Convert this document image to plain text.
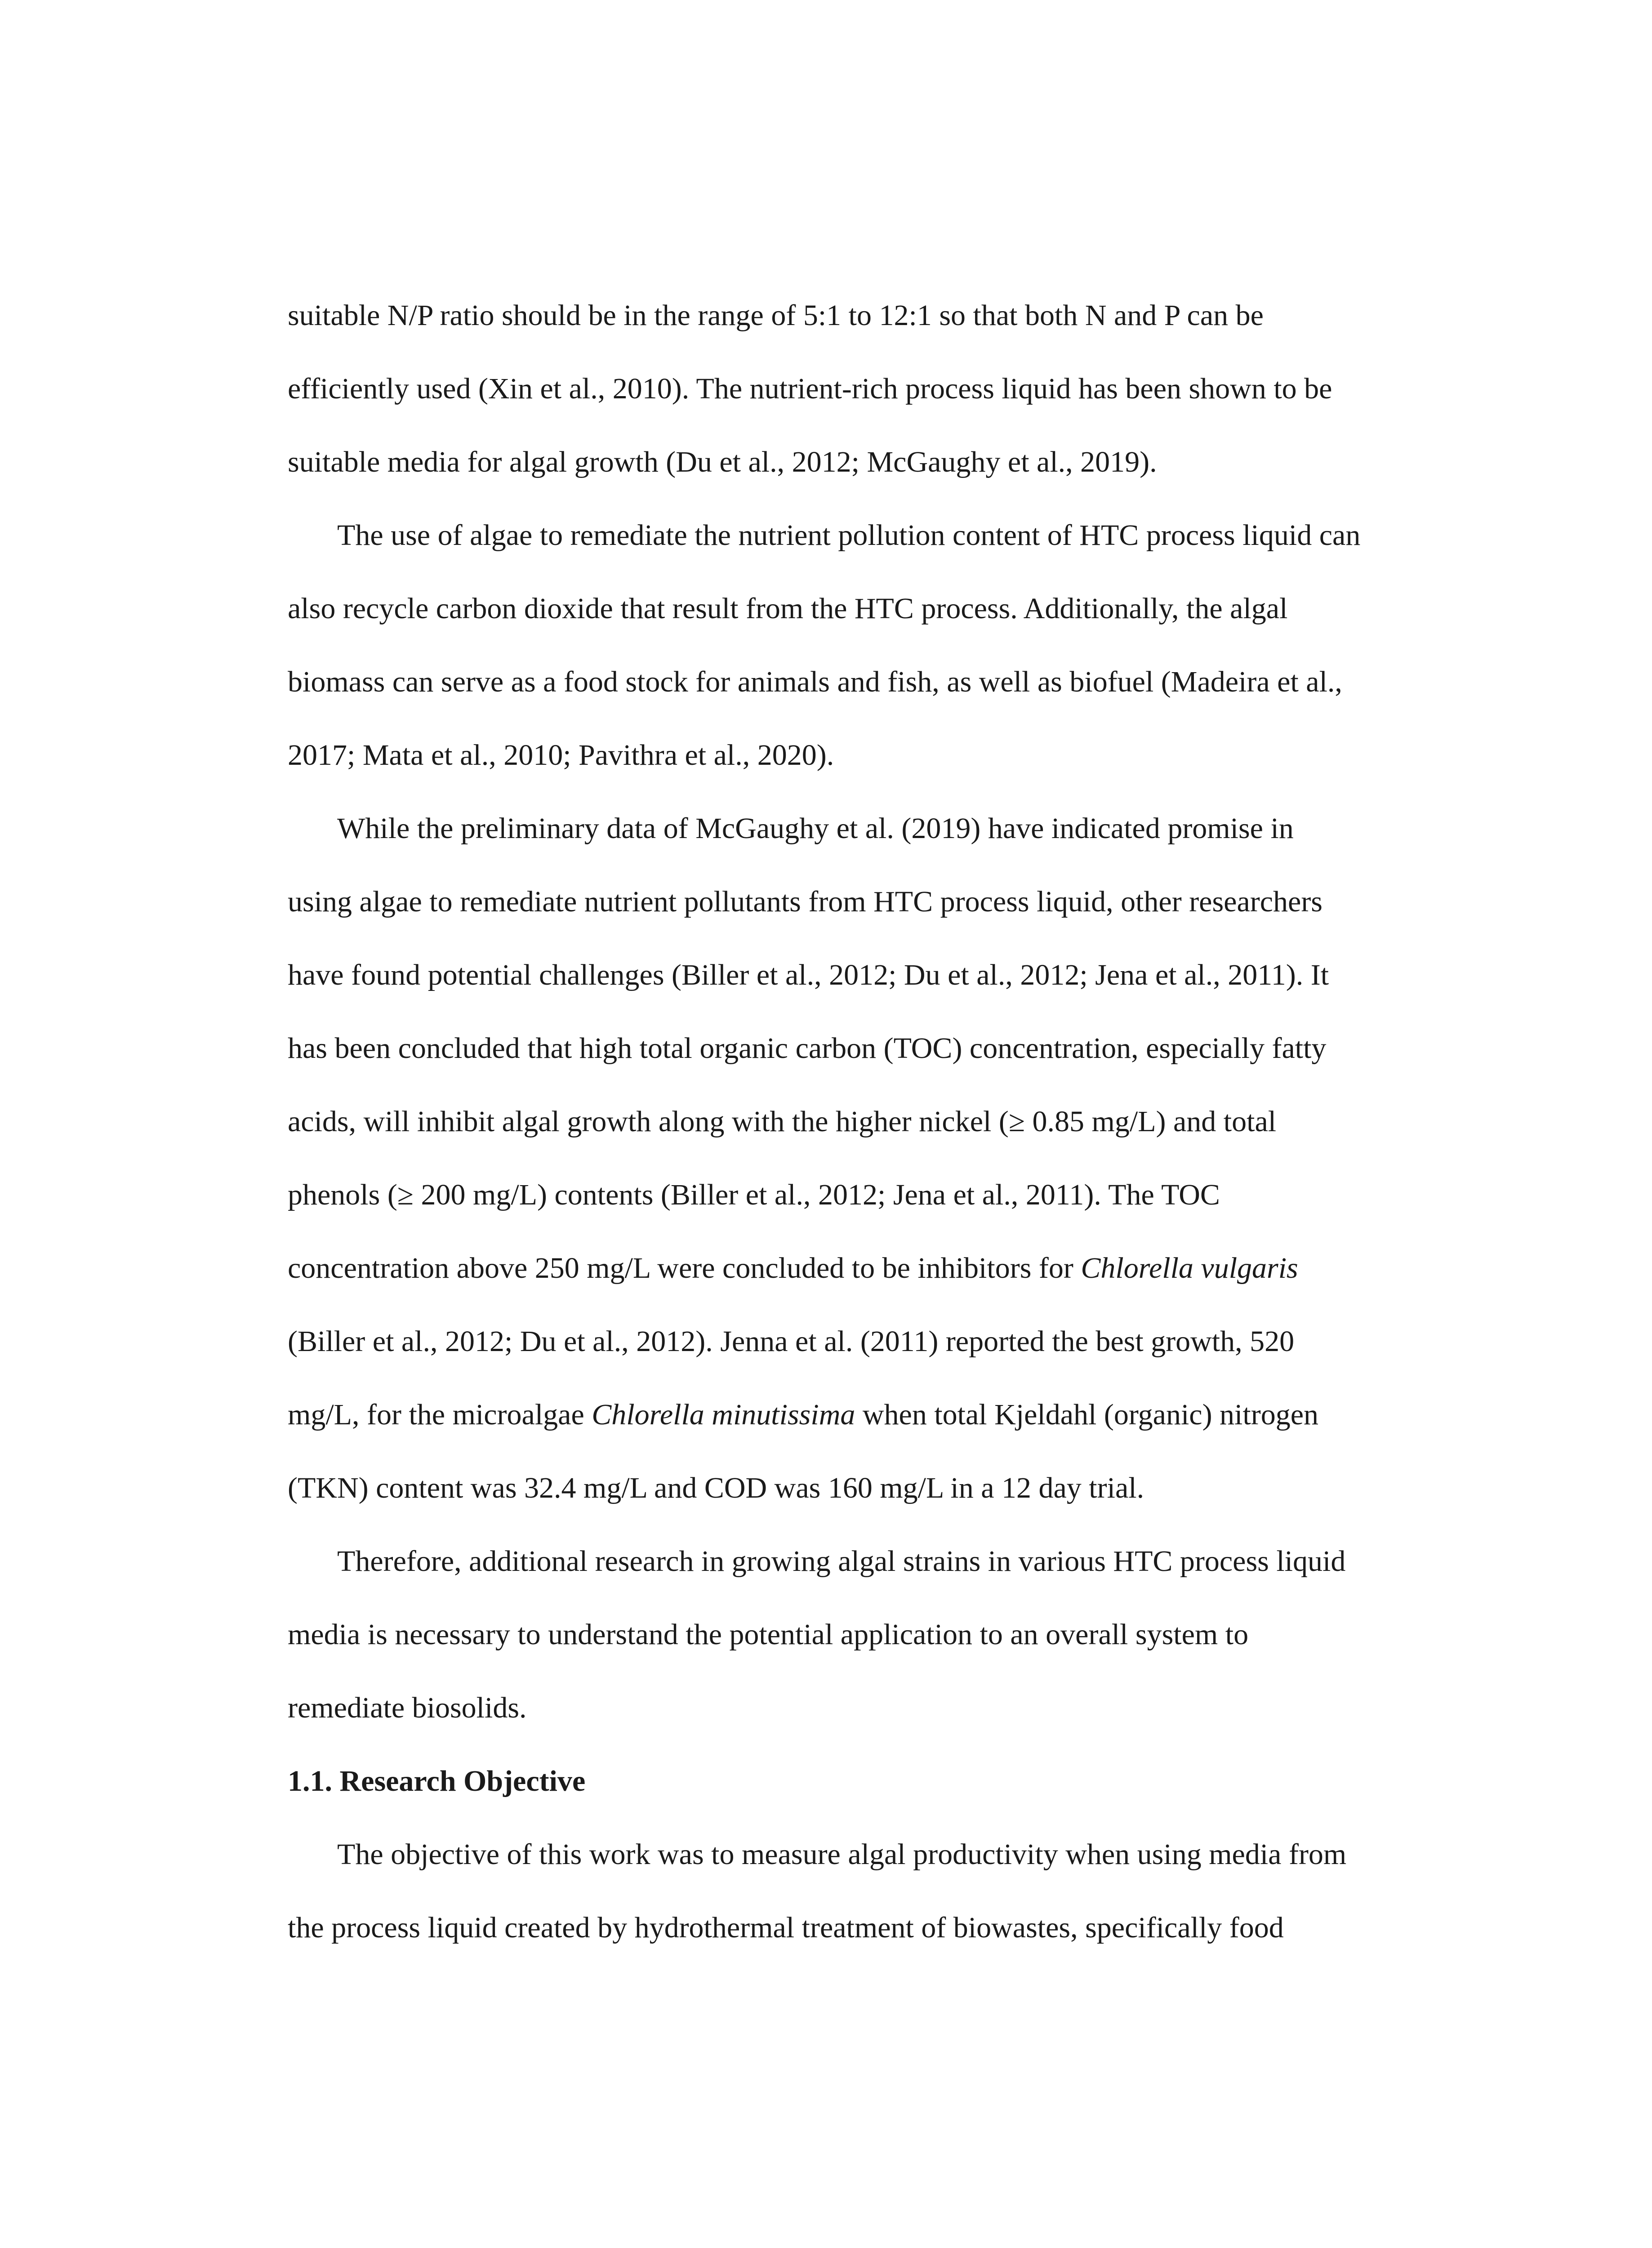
suitable N/P ratio should be in the range of 5:1 to 12:1 so that both N and P can be
efficiently used (Xin et al., 2010). The nutrient-rich process liquid has been shown to be
suitable media for algal growth (Du et al., 2012; McGaughy et al., 2019).
The use of algae to remediate the nutrient pollution content of HTC process liquid can
also recycle carbon dioxide that result from the HTC process. Additionally, the algal
biomass can serve as a food stock for animals and fish, as well as biofuel (Madeira et al.,
2017; Mata et al., 2010; Pavithra et al., 2020).
While the preliminary data of McGaughy et al. (2019) have indicated promise in
using algae to remediate nutrient pollutants from HTC process liquid, other researchers
have found potential challenges (Biller et al., 2012; Du et al., 2012; Jena et al., 2011). It
has been concluded that high total organic carbon (TOC) concentration, especially fatty
acids, will inhibit algal growth along with the higher nickel (≥ 0.85 mg/L) and total
phenols (≥ 200 mg/L) contents (Biller et al., 2012; Jena et al., 2011). The TOC
concentration above 250 mg/L were concluded to be inhibitors for Chlorella vulgaris
(Biller et al., 2012; Du et al., 2012). Jenna et al. (2011) reported the best growth, 520
mg/L, for the microalgae Chlorella minutissima when total Kjeldahl (organic) nitrogen
(TKN) content was 32.4 mg/L and COD was 160 mg/L in a 12 day trial.
Therefore, additional research in growing algal strains in various HTC process liquid
media is necessary to understand the potential application to an overall system to
remediate biosolids.
1.1. Research Objective
The objective of this work was to measure algal productivity when using media from
the process liquid created by hydrothermal treatment of biowastes, specifically food
